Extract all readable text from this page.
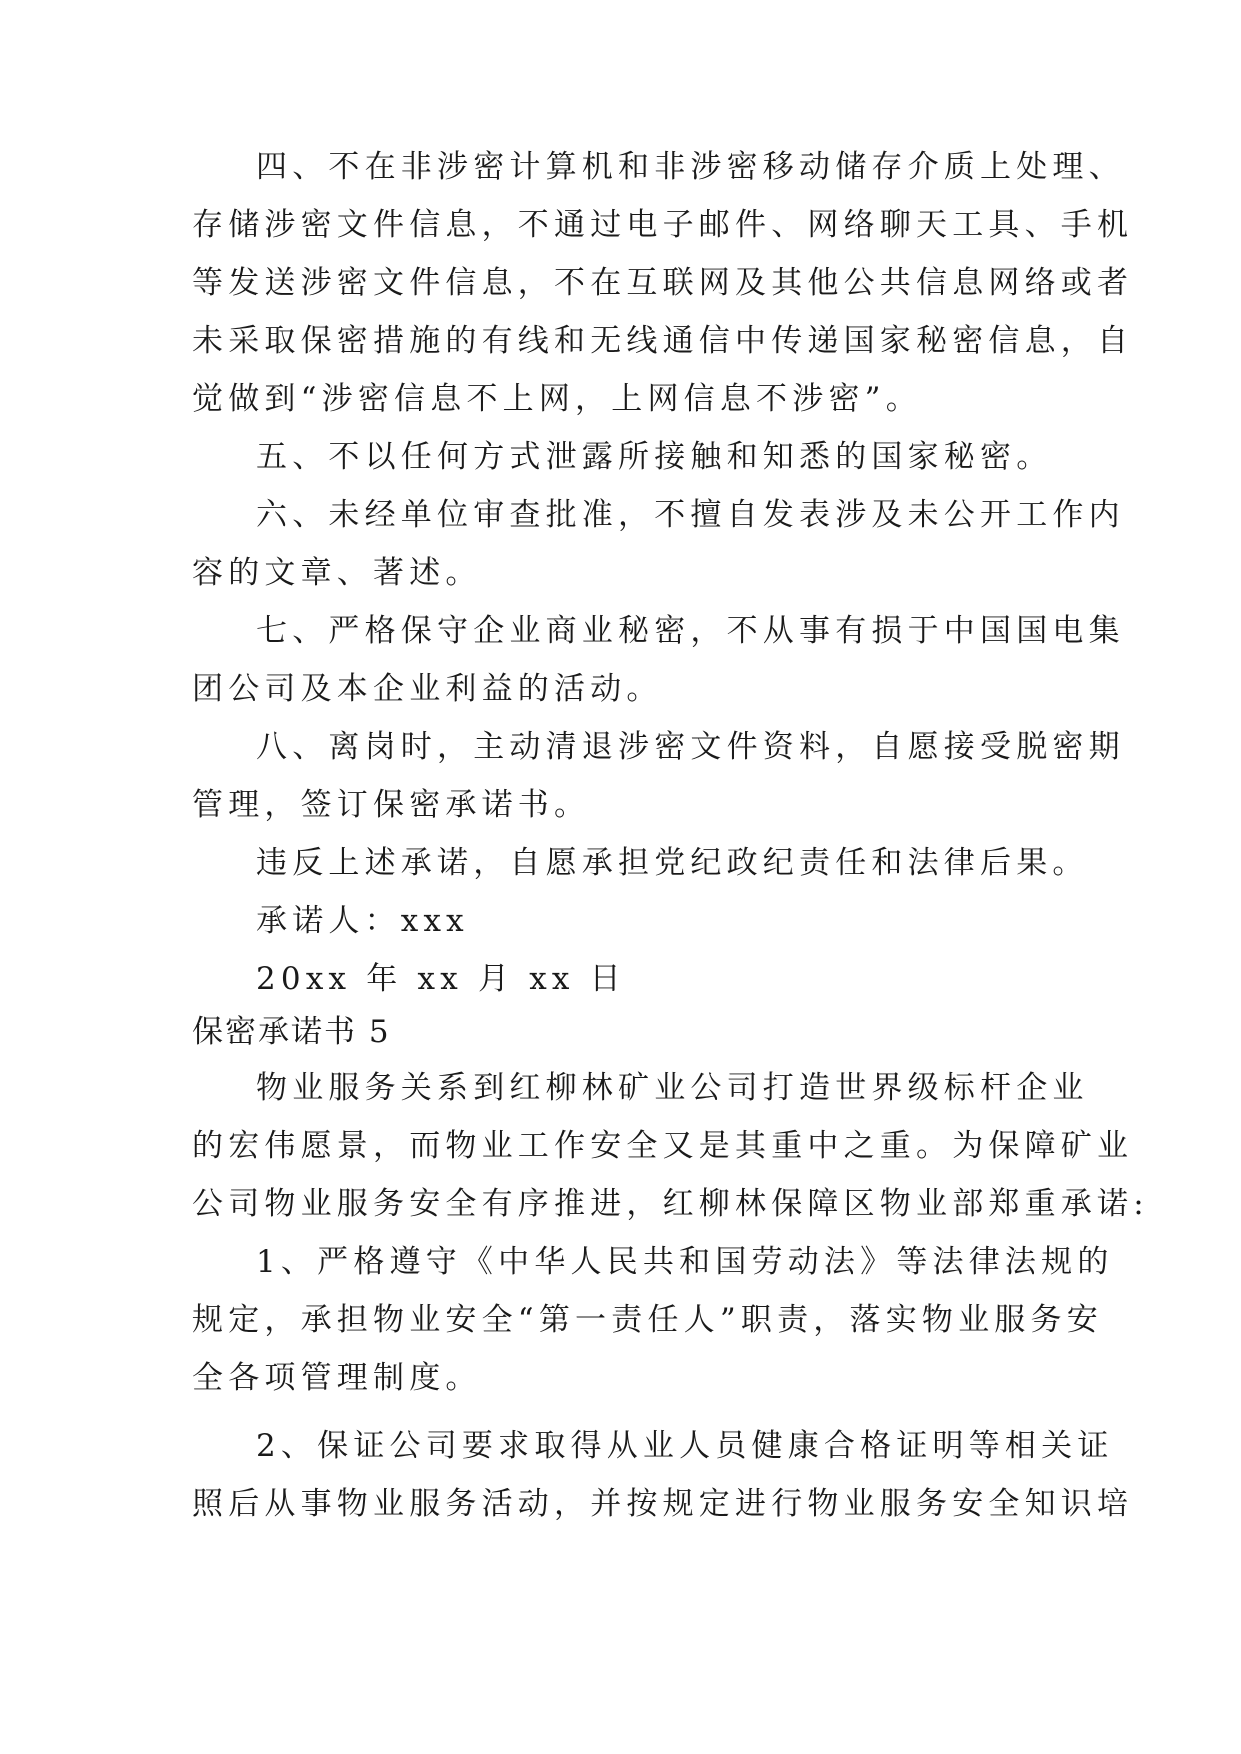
四、不在非涉密计算机和非涉密移动储存介质上处理、
存储涉密文件信息，不通过电子邮件、网络聊天工具、手机
等发送涉密文件信息，不在互联网及其他公共信息网络或者
未采取保密措施的有线和无线通信中传递国家秘密信息，自
觉做到“涉密信息不上网，上网信息不涉密”。
五、不以任何方式泄露所接触和知悉的国家秘密。
六、未经单位审查批准，不擅自发表涉及未公开工作内
容的文章、著述。
七、严格保守企业商业秘密，不从事有损于中国国电集
团公司及本企业利益的活动。
八、离岗时，主动清退涉密文件资料，自愿接受脱密期
管理，签订保密承诺书。
违反上述承诺，自愿承担党纪政纪责任和法律后果。
承诺人：xxx
20xx 年 xx 月 xx 日
保密承诺书 5
物业服务关系到红柳林矿业公司打造世界级标杆企业
的宏伟愿景，而物业工作安全又是其重中之重。为保障矿业
公司物业服务安全有序推进，红柳林保障区物业部郑重承诺:
1、严格遵守《中华人民共和国劳动法》等法律法规的
规定，承担物业安全“第一责任人”职责，落实物业服务安
全各项管理制度。
2、保证公司要求取得从业人员健康合格证明等相关证
照后从事物业服务活动，并按规定进行物业服务安全知识培
